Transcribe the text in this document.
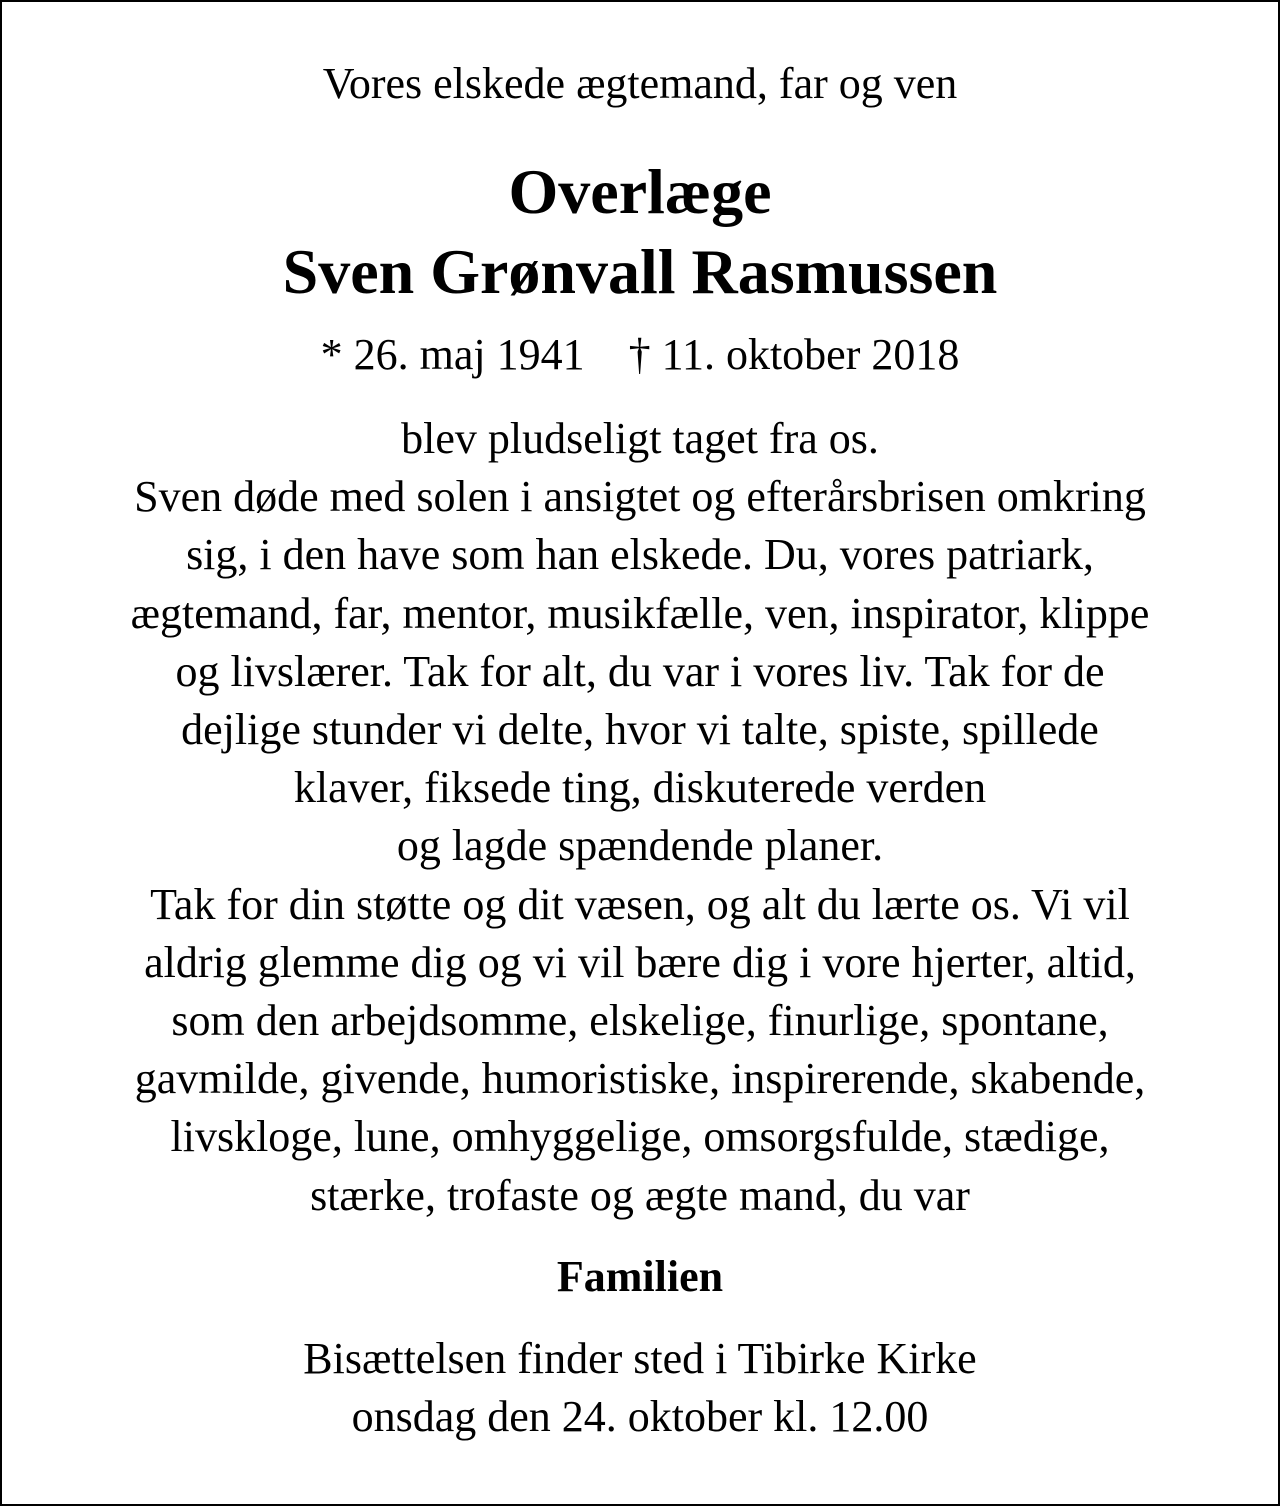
Vores elskede ægtemand, far og ven
Overlæge
Sven Grønvall Rasmussen
* 26. maj 1941 † 11. oktober 2018
blev pludseligt taget fra os.
Sven døde med solen i ansigtet og efterårsbrisen omkring
sig, i den have som han elskede. Du, vores patriark,
ægtemand, far, mentor, musikfælle, ven, inspirator, klippe
og livslærer. Tak for alt, du var i vores liv. Tak for de
dejlige stunder vi delte, hvor vi talte, spiste, spillede
klaver, fiksede ting, diskuterede verden
og lagde spændende planer.
Tak for din støtte og dit væsen, og alt du lærte os. Vi vil
aldrig glemme dig og vi vil bære dig i vore hjerter, altid,
som den arbejdsomme, elskelige, finurlige, spontane,
gavmilde, givende, humoristiske, inspirerende, skabende,
livskloge, lune, omhyggelige, omsorgsfulde, stædige,
stærke, trofaste og ægte mand, du var
Familien
Bisættelsen finder sted i Tibirke Kirke
onsdag den 24. oktober kl. 12.00
